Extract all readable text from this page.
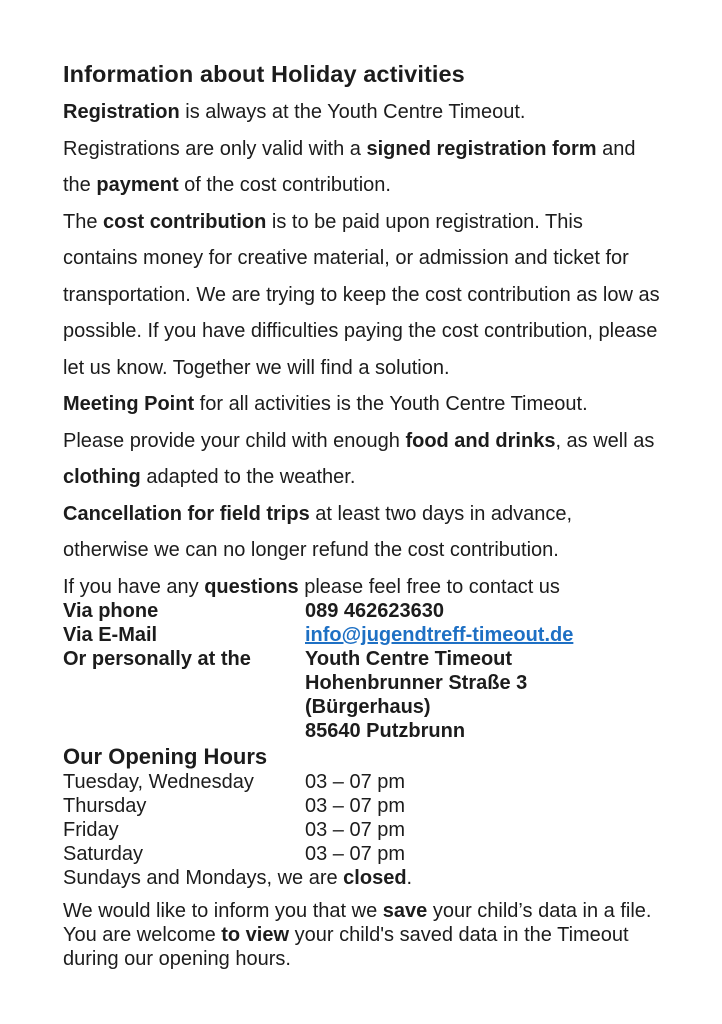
Information about Holiday activities

Registration is always at the Youth Centre Timeout.

Registrations are only valid with a signed registration form and the payment of the cost contribution.

The cost contribution is to be paid upon registration. This contains money for creative material, or admission and ticket for transportation. We are trying to keep the cost contribution as low as possible. If you have difficulties paying the cost contribution, please let us know. Together we will find a solution.

Meeting Point for all activities is the Youth Centre Timeout.

Please provide your child with enough food and drinks, as well as clothing adapted to the weather.

Cancellation for field trips at least two days in advance, otherwise we can no longer refund the cost contribution.

If you have any questions please feel free to contact us

Via phone	089 462623630
Via E-Mail	info@jugendtreff-timeout.de
Or personally at the	Youth Centre Timeout
Hohenbrunner Straße 3
(Bürgerhaus)
85640 Putzbrunn
Our Opening Hours
Tuesday, Wednesday	03 – 07 pm
Thursday	03 – 07 pm
Friday	03 – 07 pm
Saturday	03 – 07 pm

Sundays and Mondays, we are closed.

We would like to inform you that we save your child’s data in a file. You are welcome to view your child's saved data in the Timeout during our opening hours.
